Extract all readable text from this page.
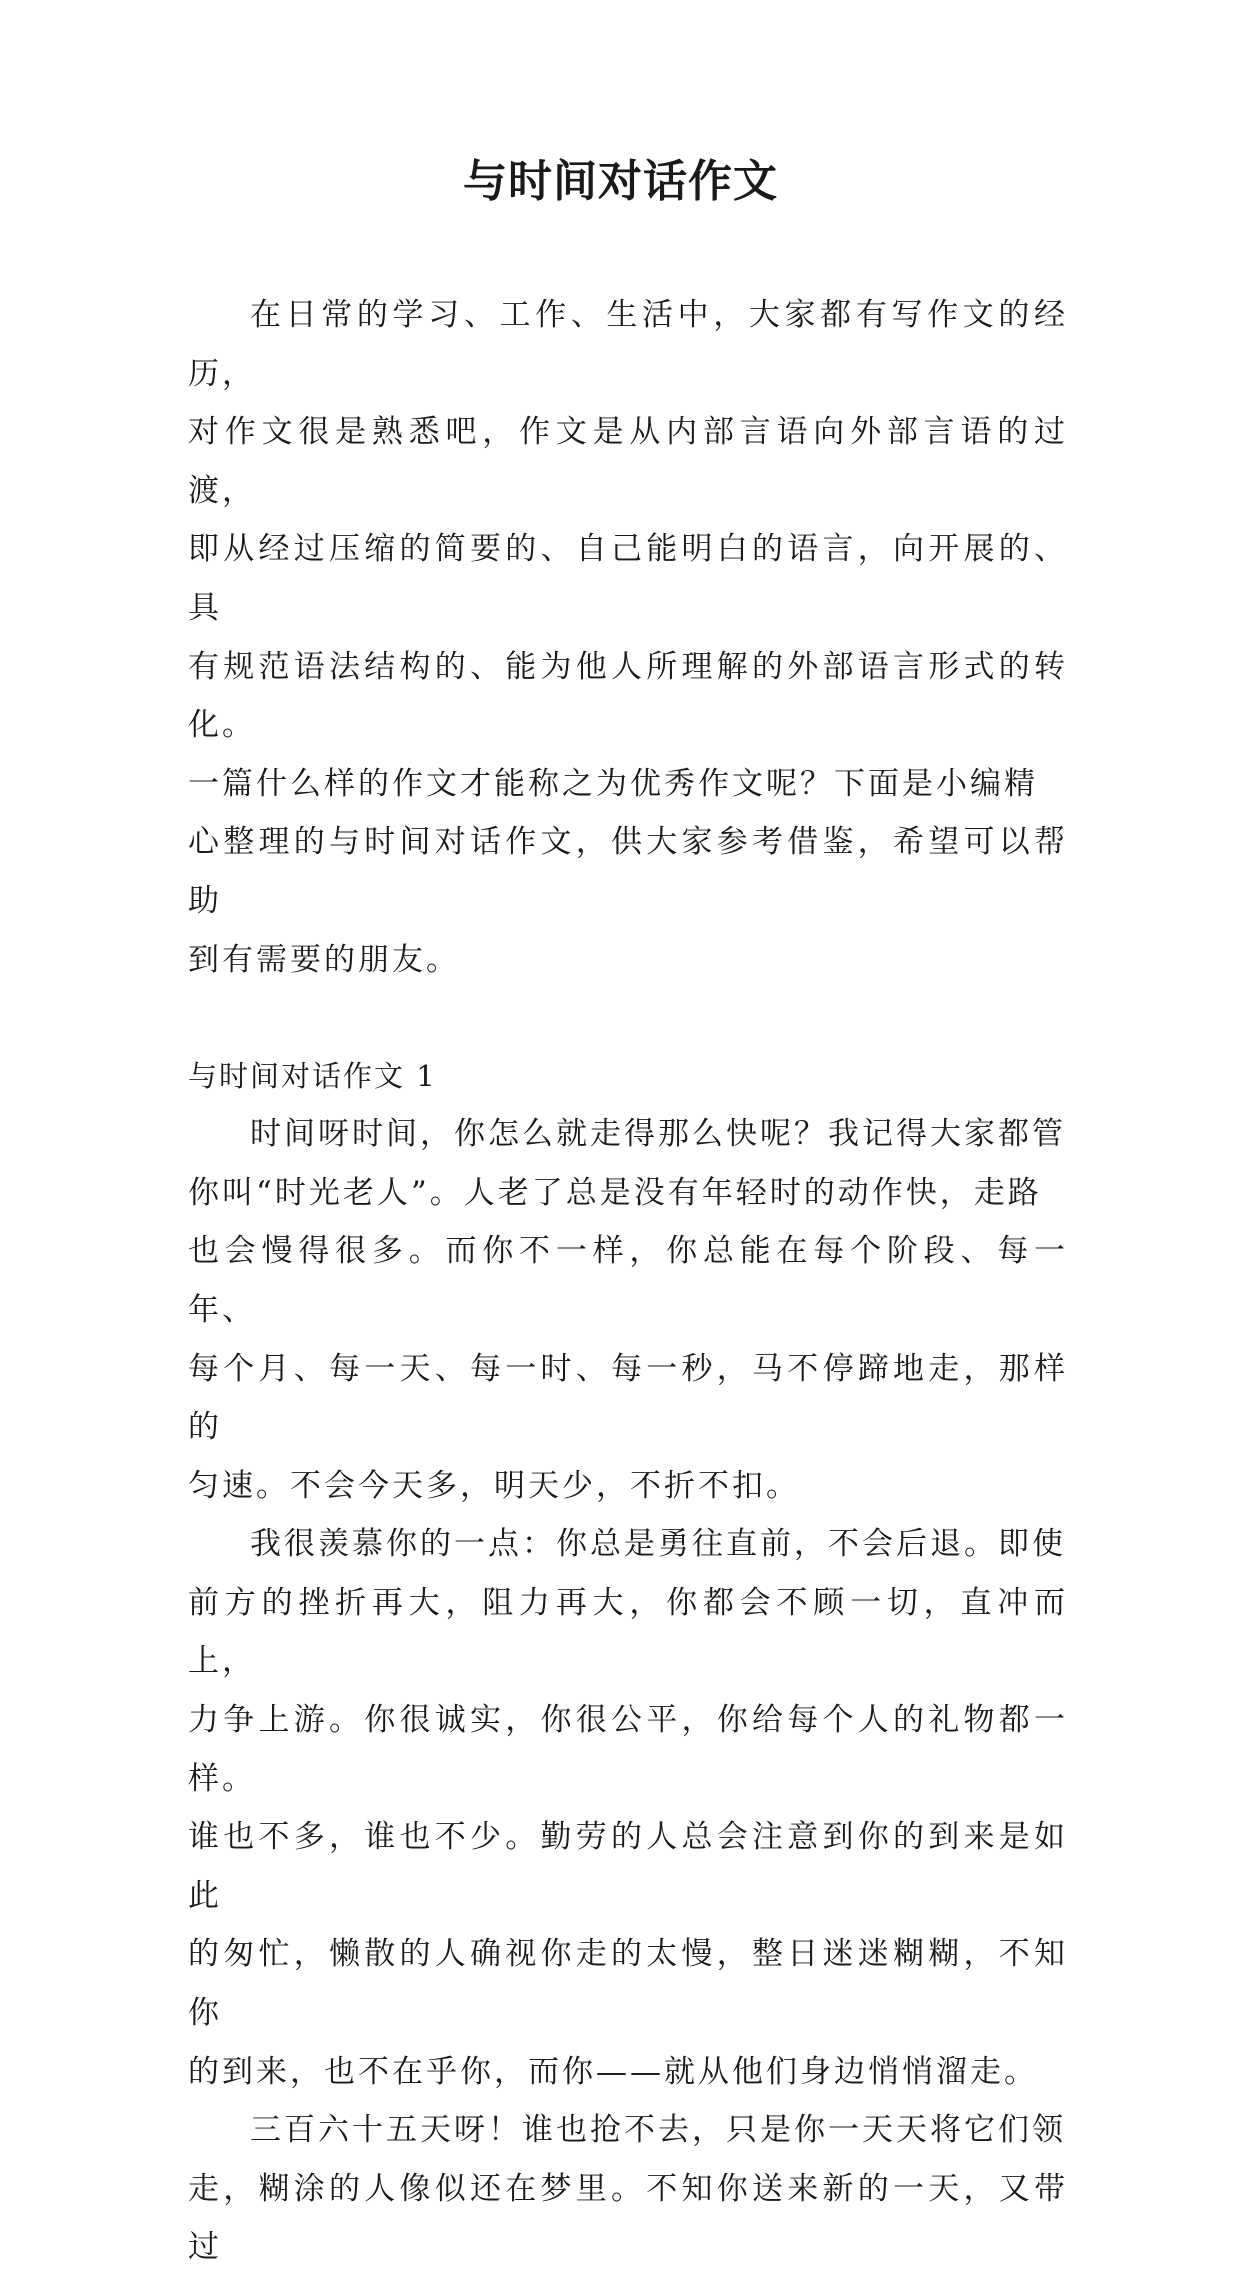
与时间对话作文

在日常的学习、工作、生活中，大家都有写作文的经历，
对作文很是熟悉吧，作文是从内部言语向外部言语的过渡，
即从经过压缩的简要的、自己能明白的语言，向开展的、具
有规范语法结构的、能为他人所理解的外部语言形式的转化。
一篇什么样的作文才能称之为优秀作文呢？下面是小编精
心整理的与时间对话作文，供大家参考借鉴，希望可以帮助
到有需要的朋友。

与时间对话作文 1

时间呀时间，你怎么就走得那么快呢？我记得大家都管
你叫“时光老人”。人老了总是没有年轻时的动作快，走路
也会慢得很多。而你不一样，你总能在每个阶段、每一年、
每个月、每一天、每一时、每一秒，马不停蹄地走，那样的
匀速。不会今天多，明天少，不折不扣。

我很羡慕你的一点：你总是勇往直前，不会后退。即使
前方的挫折再大，阻力再大，你都会不顾一切，直冲而上，
力争上游。你很诚实，你很公平，你给每个人的礼物都一样。
谁也不多，谁也不少。勤劳的人总会注意到你的到来是如此
的匆忙，懒散的人确视你走的太慢，整日迷迷糊糊，不知你
的到来，也不在乎你，而你——就从他们身边悄悄溜走。

三百六十五天呀！谁也抢不去，只是你一天天将它们领
走，糊涂的人像似还在梦里。不知你送来新的一天，又带过
